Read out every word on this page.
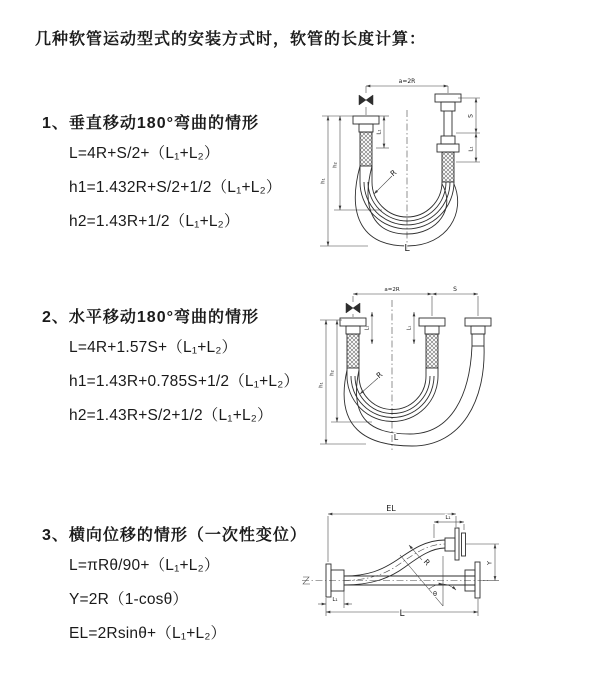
几种软管运动型式的安装方式时，软管的长度计算：
1、垂直移动180°弯曲的情形
L=4R+S/2+（L₁+L₂）
h1=1.432R+S/2+1/2（L₁+L₂）
h2=1.43R+1/2（L₁+L₂）
2、水平移动180°弯曲的情形
L=4R+1.57S+（L₁+L₂）
h1=1.43R+0.785S+1/2（L₁+L₂）
h2=1.43R+S/2+1/2（L₁+L₂）
3、横向位移的情形（一次性变位）
L=πRθ/90+（L₁+L₂）
Y=2R（1-cosθ）
EL=2Rsinθ+（L₁+L₂）
a=2R
L₁
S
L₁
h₂
h₁
R
L
a=2R	S
L₁	L₁
h₂
h₁
R
L
EL
L₁
Y
R
θ
L
L₁
